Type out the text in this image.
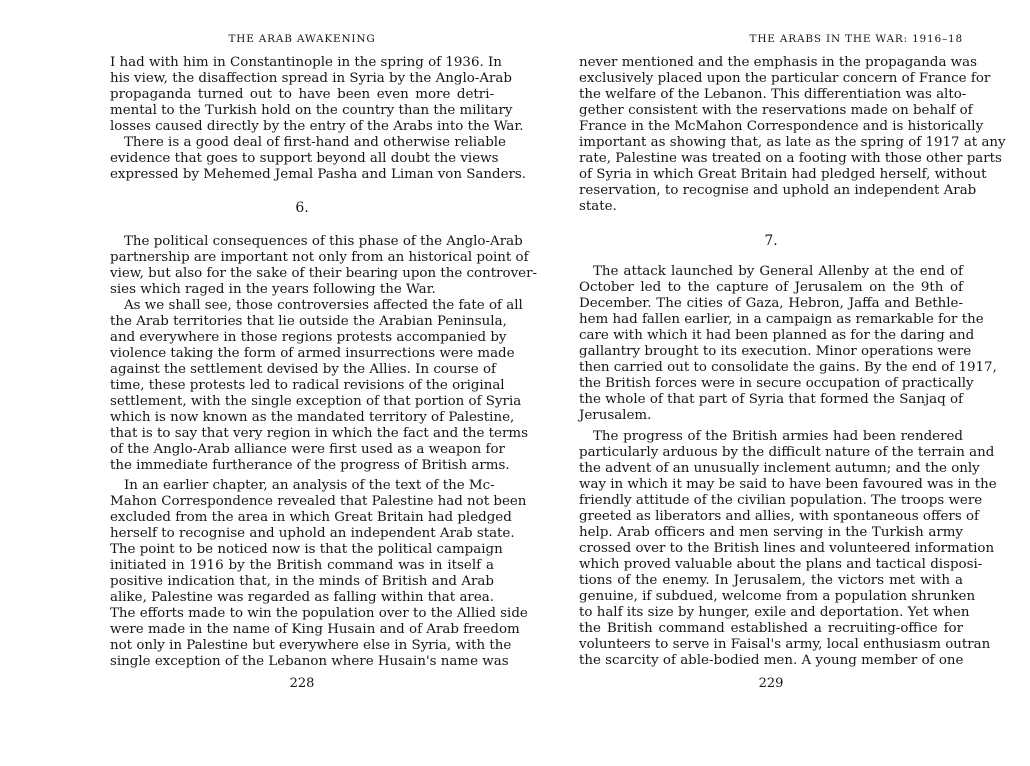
THE ARAB AWAKENING
6.
228
I had with him in Constantinople in the spring of 1936. In
his view, the disaffection spread in Syria by the Anglo-Arab
propaganda turned out to have been even more detri-
mental to the Turkish hold on the country than the military
losses caused directly by the entry of the Arabs into the War.
There is a good deal of first-hand and otherwise reliable
evidence that goes to support beyond all doubt the views
expressed by Mehemed Jemal Pasha and Liman von Sanders.
The political consequences of this phase of the Anglo-Arab
partnership are important not only from an historical point of
view, but also for the sake of their bearing upon the controver-
sies which raged in the years following the War.
As we shall see, those controversies affected the fate of all
the Arab territories that lie outside the Arabian Peninsula,
and everywhere in those regions protests accompanied by
violence taking the form of armed insurrections were made
against the settlement devised by the Allies. In course of
time, these protests led to radical revisions of the original
settlement, with the single exception of that portion of Syria
which is now known as the mandated territory of Palestine,
that is to say that very region in which the fact and the terms
of the Anglo-Arab alliance were first used as a weapon for
the immediate furtherance of the progress of British arms.
In an earlier chapter, an analysis of the text of the Mc-
Mahon Correspondence revealed that Palestine had not been
excluded from the area in which Great Britain had pledged
herself to recognise and uphold an independent Arab state.
The point to be noticed now is that the political campaign
initiated in 1916 by the British command was in itself a
positive indication that, in the minds of British and Arab
alike, Palestine was regarded as falling within that area.
The efforts made to win the population over to the Allied side
were made in the name of King Husain and of Arab freedom
not only in Palestine but everywhere else in Syria, with the
single exception of the Lebanon where Husain's name was
THE ARABS IN THE WAR: 1916–18
7.
229
never mentioned and the emphasis in the propaganda was
exclusively placed upon the particular concern of France for
the welfare of the Lebanon. This differentiation was alto-
gether consistent with the reservations made on behalf of
France in the McMahon Correspondence and is historically
important as showing that, as late as the spring of 1917 at any
rate, Palestine was treated on a footing with those other parts
of Syria in which Great Britain had pledged herself, without
reservation, to recognise and uphold an independent Arab
state.
The attack launched by General Allenby at the end of
October led to the capture of Jerusalem on the 9th of
December. The cities of Gaza, Hebron, Jaffa and Bethle-
hem had fallen earlier, in a campaign as remarkable for the
care with which it had been planned as for the daring and
gallantry brought to its execution. Minor operations were
then carried out to consolidate the gains. By the end of 1917,
the British forces were in secure occupation of practically
the whole of that part of Syria that formed the Sanjaq of
Jerusalem.
The progress of the British armies had been rendered
particularly arduous by the difficult nature of the terrain and
the advent of an unusually inclement autumn; and the only
way in which it may be said to have been favoured was in the
friendly attitude of the civilian population. The troops were
greeted as liberators and allies, with spontaneous offers of
help. Arab officers and men serving in the Turkish army
crossed over to the British lines and volunteered information
which proved valuable about the plans and tactical disposi-
tions of the enemy. In Jerusalem, the victors met with a
genuine, if subdued, welcome from a population shrunken
to half its size by hunger, exile and deportation. Yet when
the British command established a recruiting-office for
volunteers to serve in Faisal's army, local enthusiasm outran
the scarcity of able-bodied men. A young member of one
